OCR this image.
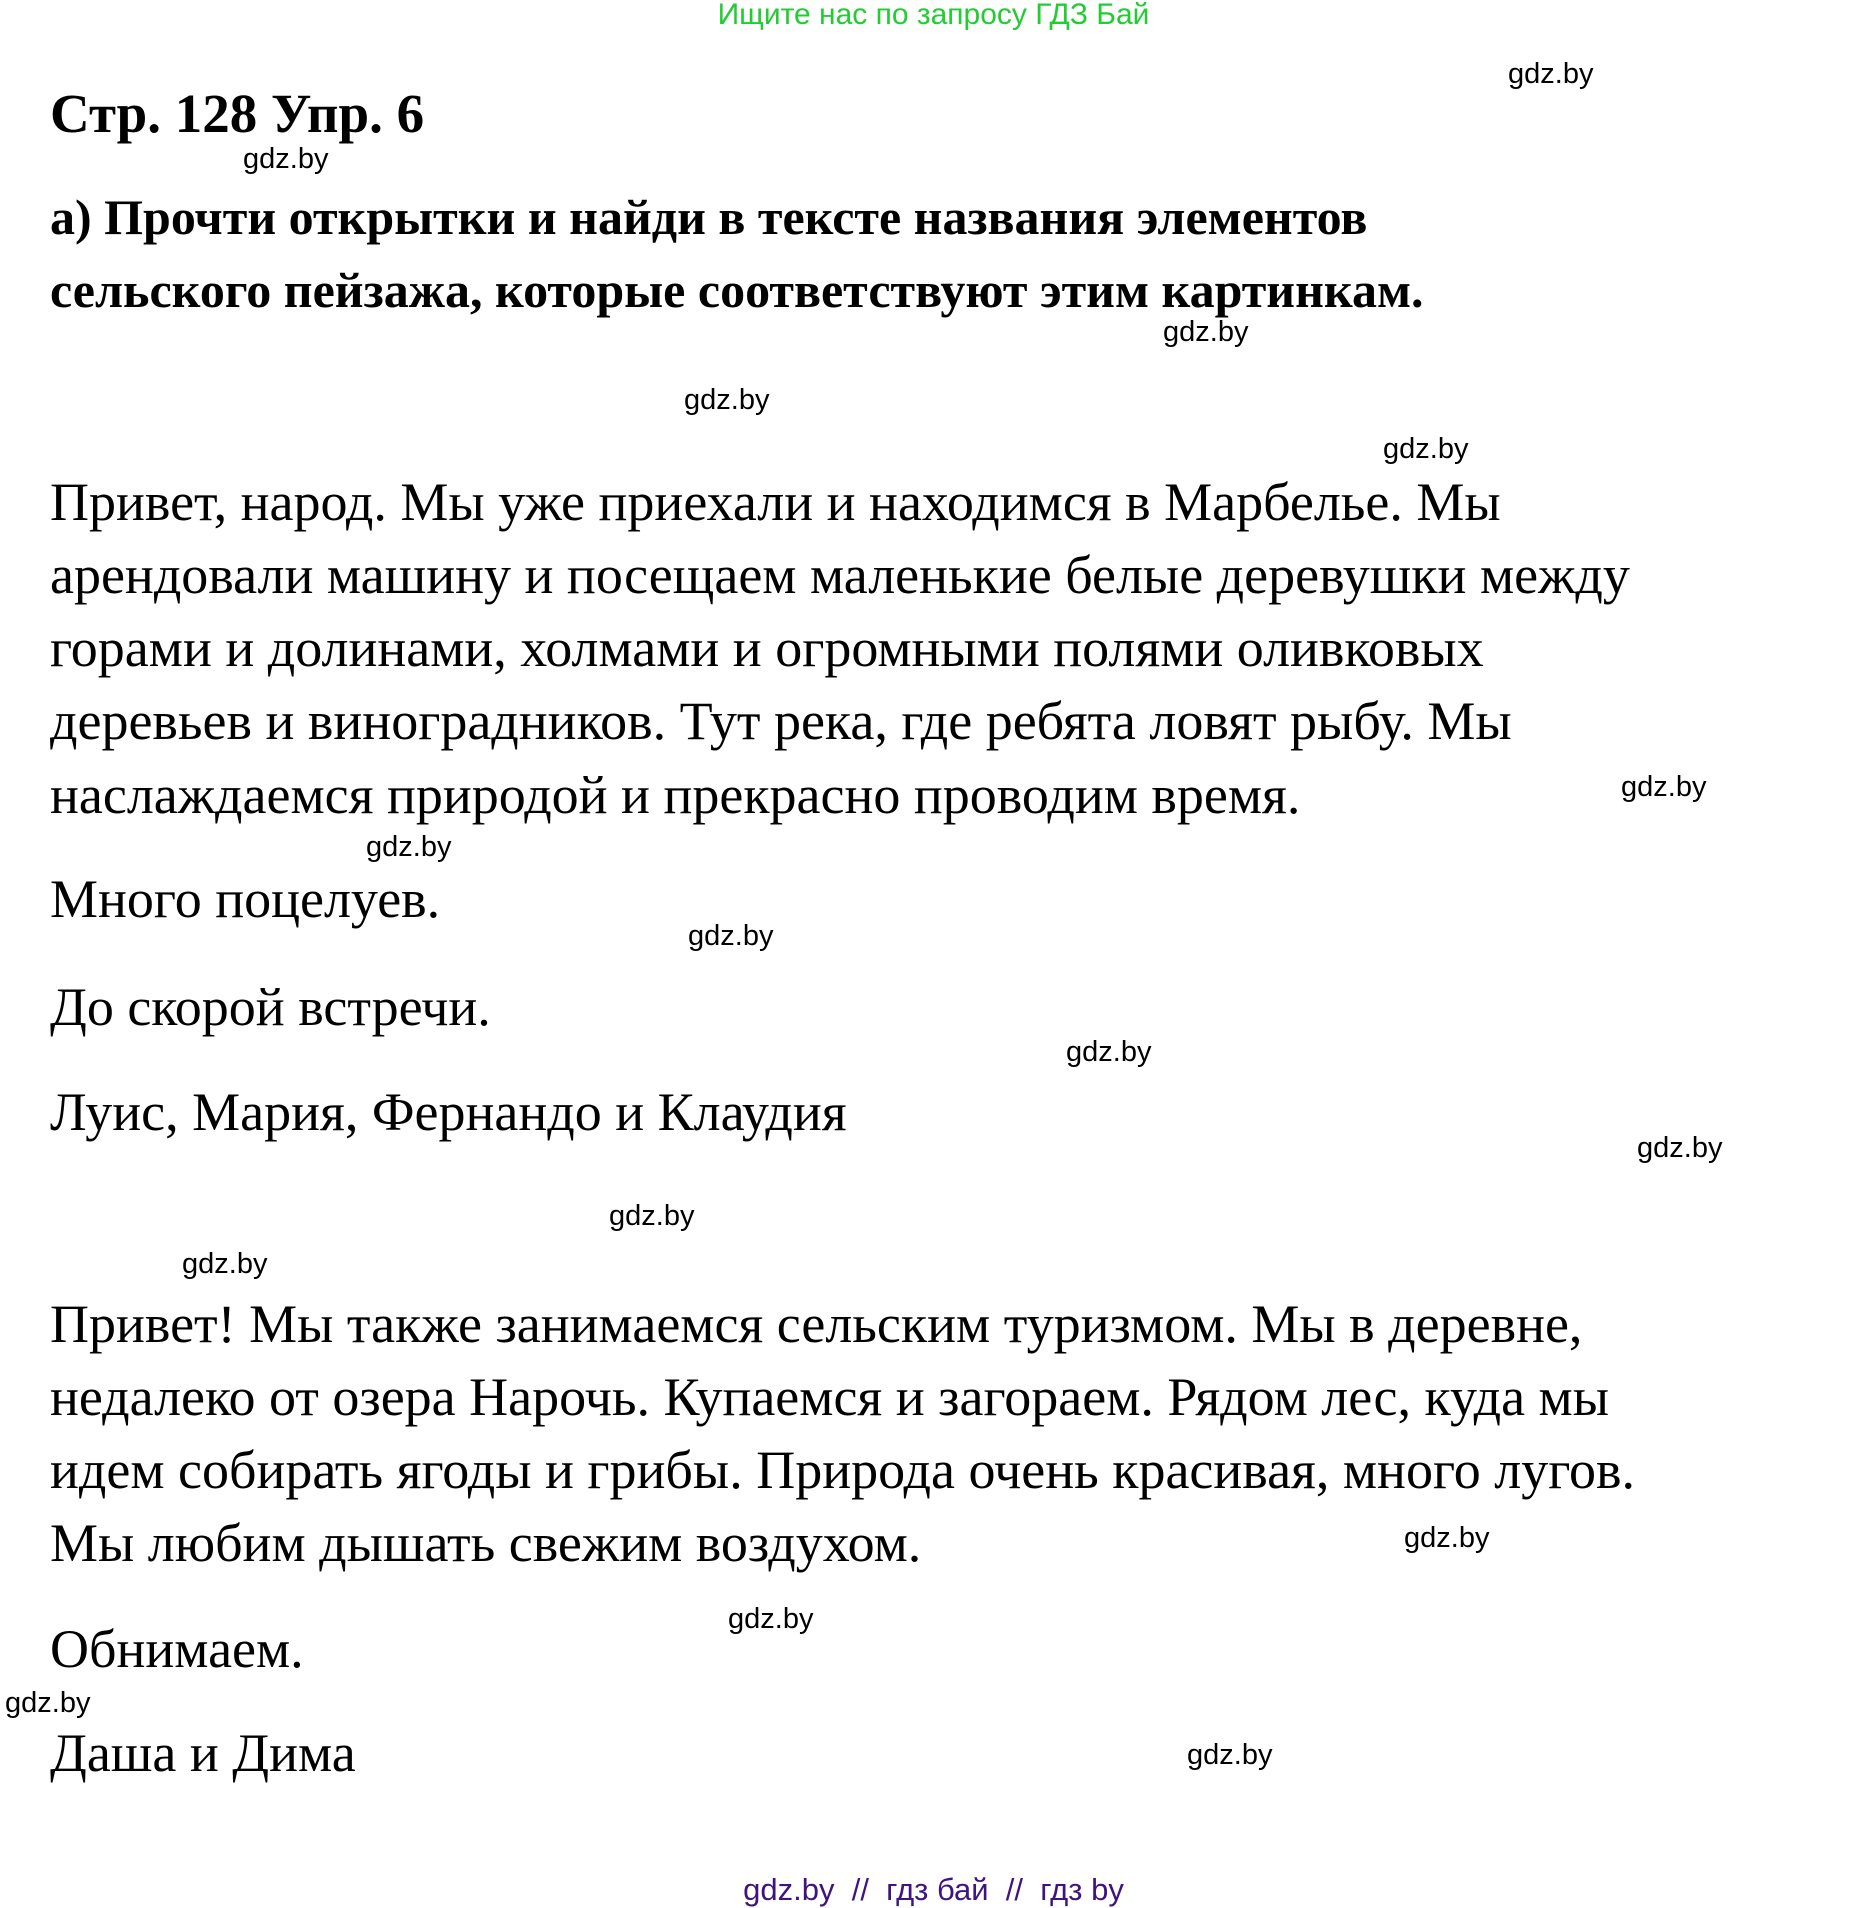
Ищите нас по запросу ГДЗ Бай
Стр. 128 Упр. 6
а) Прочти открытки и найди в тексте названия элементов
сельского пейзажа, которые соответствуют этим картинкам.
Привет, народ. Мы уже приехали и находимся в Марбелье. Мы
арендовали машину и посещаем маленькие белые деревушки между
горами и долинами, холмами и огромными полями оливковых
деревьев и виноградников. Тут река, где ребята ловят рыбу. Мы
наслаждаемся природой и прекрасно проводим время.
Много поцелуев.
До скорой встречи.
Луис, Мария, Фернандо и Клаудия
Привет! Мы также занимаемся сельским туризмом. Мы в деревне,
недалеко от озера Нарочь. Купаемся и загораем. Рядом лес, куда мы
идем собирать ягоды и грибы. Природа очень красивая, много лугов.
Мы любим дышать свежим воздухом.
Обнимаем.
Даша и Дима
gdz.by
gdz.by
gdz.by
gdz.by
gdz.by
gdz.by
gdz.by
gdz.by
gdz.by
gdz.by
gdz.by
gdz.by
gdz.by
gdz.by
gdz.by
gdz.by
gdz.by  //  гдз бай  //  гдз by
